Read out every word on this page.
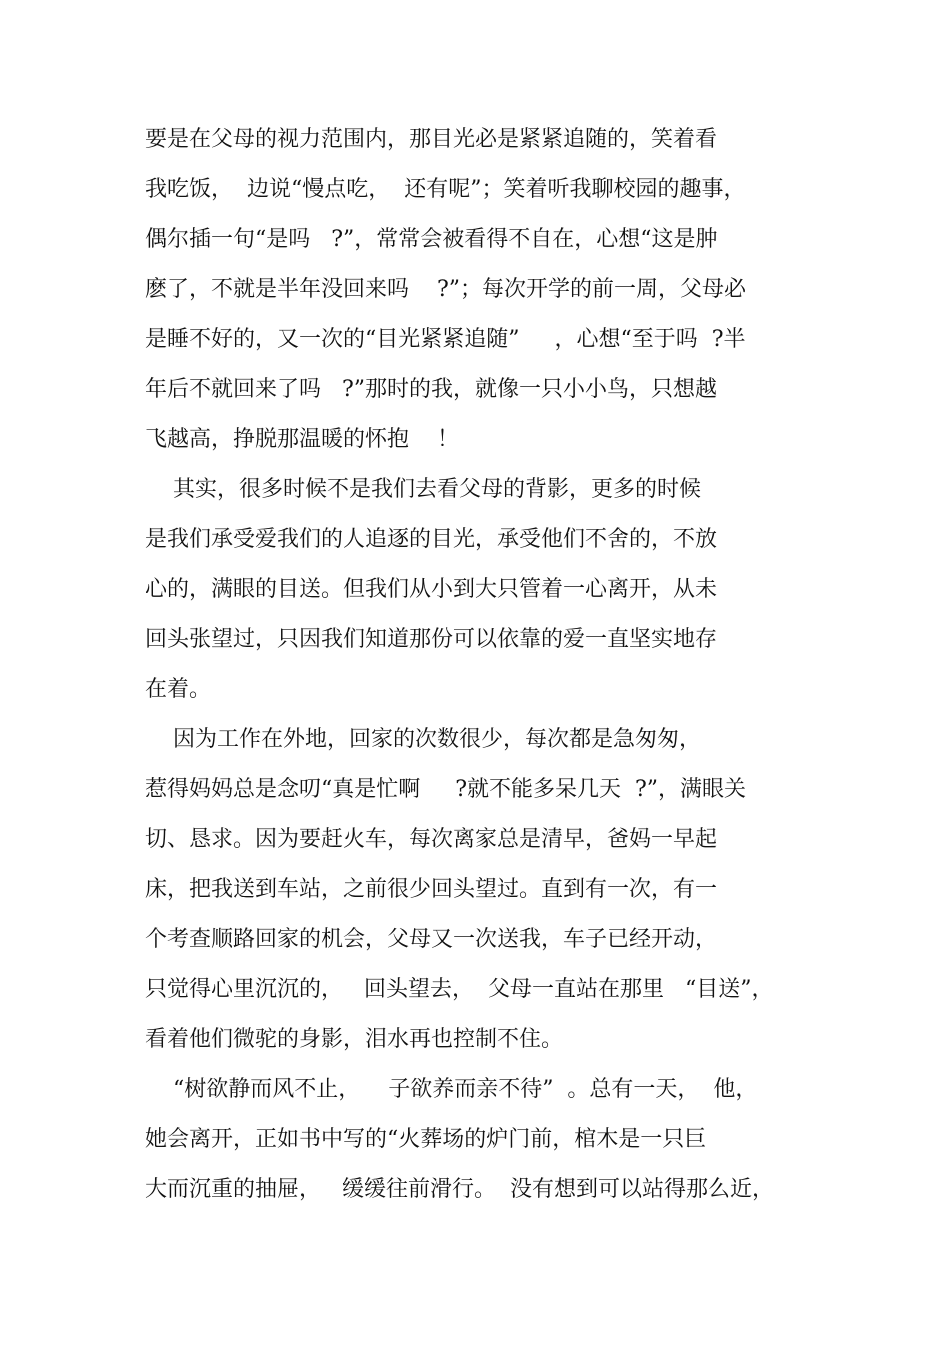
要是在父母的视力范围内，那目光必是紧紧追随的，笑着看
我吃饭，  边说“慢点吃，  还有呢”；笑着听我聊校园的趣事，
偶尔插一句“是吗   ?”，常常会被看得不自在，心想“这是肿
麽了，不就是半年没回来吗    ?”；每次开学的前一周，父母必
是睡不好的，又一次的“目光紧紧追随”     ，心想“至于吗  ?半
年后不就回来了吗   ?”那时的我，就像一只小小鸟，只想越
飞越高，挣脱那温暖的怀抱    ！
其实，很多时候不是我们去看父母的背影，更多的时候
是我们承受爱我们的人追逐的目光，承受他们不舍的，不放
心的，满眼的目送。但我们从小到大只管着一心离开，从未
回头张望过，只因我们知道那份可以依靠的爱一直坚实地存
在着。
因为工作在外地，回家的次数很少，每次都是急匆匆，
惹得妈妈总是念叨“真是忙啊     ?就不能多呆几天  ?”，满眼关
切、恳求。因为要赶火车，每次离家总是清早，爸妈一早起
床，把我送到车站，之前很少回头望过。直到有一次，有一
个考查顺路回家的机会，父母又一次送我，车子已经开动，
只觉得心里沉沉的，   回头望去，  父母一直站在那里   “目送”，
看着他们微驼的身影，泪水再也控制不住。
“树欲静而风不止，    子欲养而亲不待”  。总有一天，  他，
她会离开，正如书中写的“火葬场的炉门前，棺木是一只巨
大而沉重的抽屉，   缓缓往前滑行。  没有想到可以站得那么近，
